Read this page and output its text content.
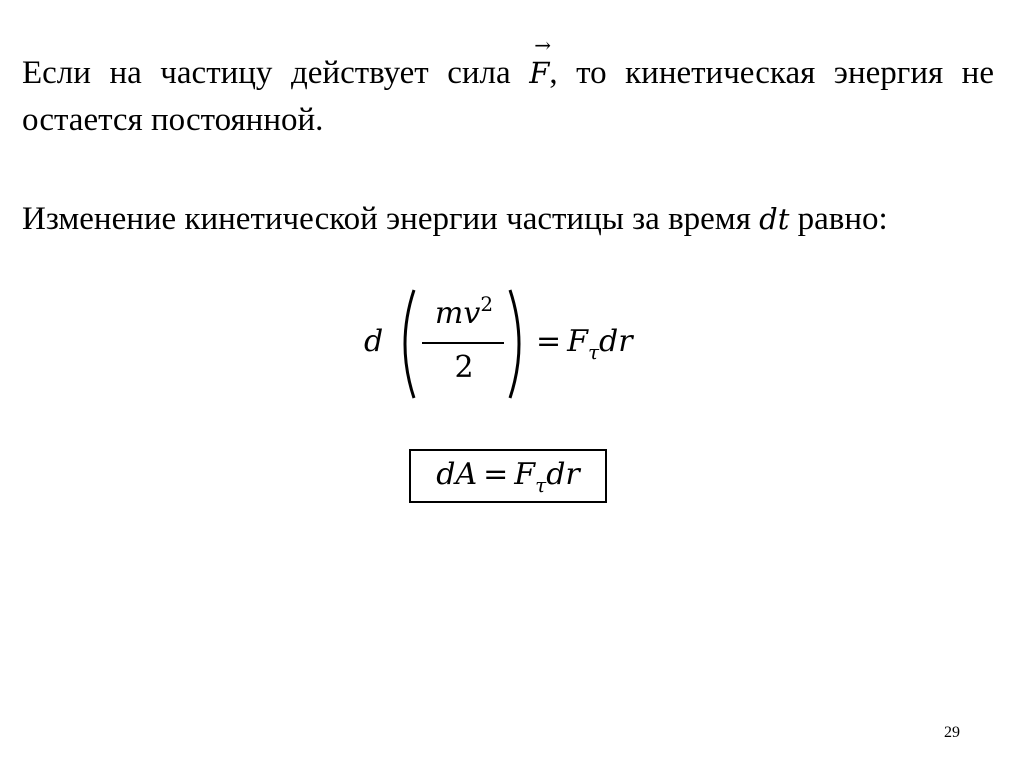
Если на частицу действует сила F
→
, то кинетическая энергия не остается постоянной.
Изменение кинетической энергии частицы за время dt равно:
d
$mv^2$
2
= $F_\tau dr$
dA = $F_\tau dr$
29
